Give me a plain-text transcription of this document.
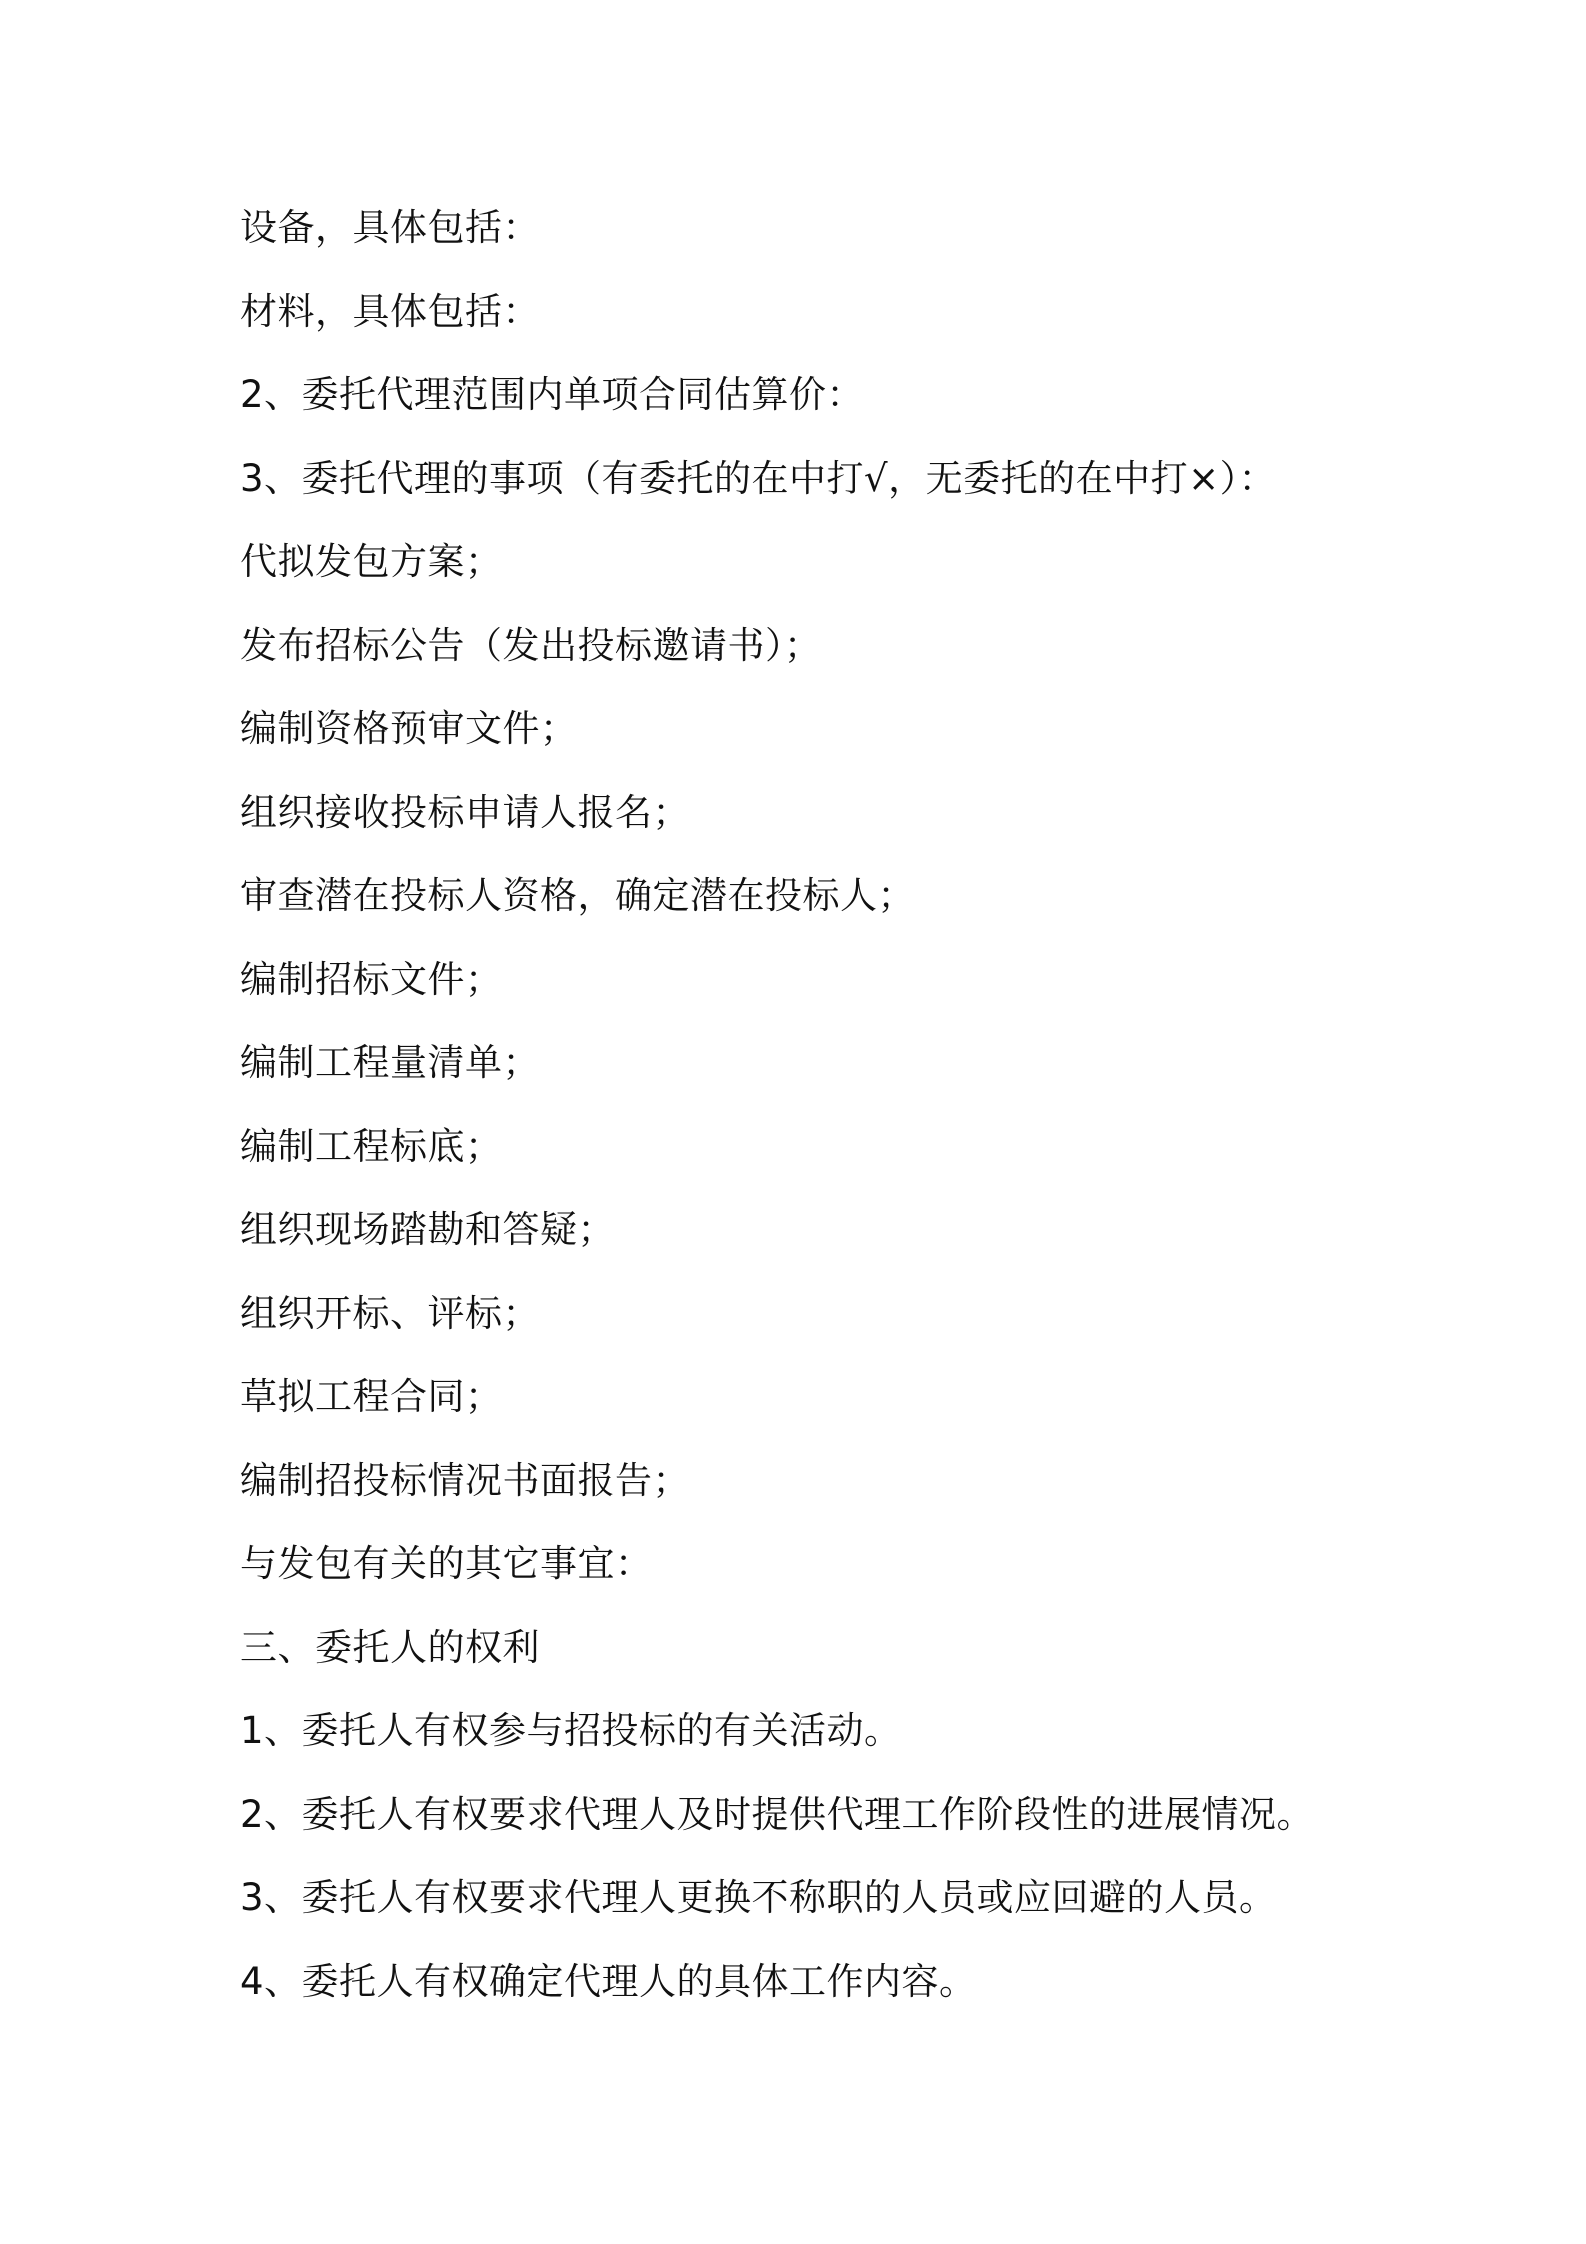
设备，具体包括：
材料，具体包括：
2、委托代理范围内单项合同估算价：
3、委托代理的事项（有委托的在中打√，无委托的在中打×）：
代拟发包方案；
发布招标公告（发出投标邀请书）；
编制资格预审文件；
组织接收投标申请人报名；
审查潜在投标人资格，确定潜在投标人；
编制招标文件；
编制工程量清单；
编制工程标底；
组织现场踏勘和答疑；
组织开标、评标；
草拟工程合同；
编制招投标情况书面报告；
与发包有关的其它事宜：
三、委托人的权利
1、委托人有权参与招投标的有关活动。
2、委托人有权要求代理人及时提供代理工作阶段性的进展情况。
3、委托人有权要求代理人更换不称职的人员或应回避的人员。
4、委托人有权确定代理人的具体工作内容。
